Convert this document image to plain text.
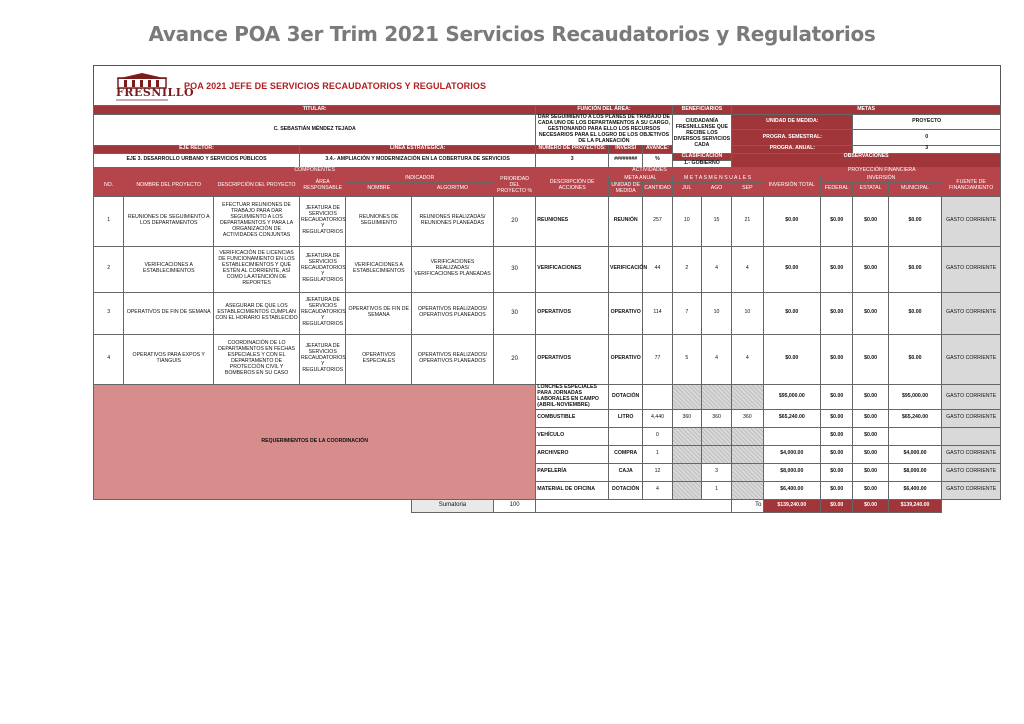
Avance POA 3er Trim 2021 Servicios Recaudatorios y Regulatorios
FRESNILLO
POA 2021 JEFE DE SERVICIOS RECAUDATORIOS Y REGULATORIOS
TITULAR:							FUNCIÓN DEL ÁREA:			BENEFICIARIOS		METAS					
C. SEBASTIÁN MÉNDEZ TEJADA							DAR SEGUIMIENTO A LOS PLANES DE TRABAJO DE CADA UNO DE LOS DEPARTAMENTOS A SU CARGO, GESTIONANDO PARA ELLO LOS RECURSOS NECESARIOS PARA EL LOGRO DE LOS OBJETIVOS DE LA PLANEACIÓN			CIUDADANÍA FRESNILLENSE QUE RECIBE LOS DIVERSOS SERVICIOS CADA		UNIDAD DE MEDIDA:			PROYECTO		
												PROGRA. SEMESTRAL:			0		
EJE RECTOR:			LÍNEA ESTRATÉGICA:				NUMERO DE PROYECTOS:	INVERSI	AVANCE:			PROGRA. ANUAL:			3		
EJE 3. DESARROLLO URBANO Y SERVICIOS PÚBLICOS			3.4.- AMPLIACIÓN Y MODERNIZACIÓN EN LA COBERTURA DE SERVICIOS				3	########	%	CLASIFICACIÓN
1.- GOBIERNO		OBSERVACIONES					

COMPONENTES							ACTIVIDADES						PROYECCIÓN FINANCIERA				
NO.	NOMBRE DEL PROYECTO	DESCRIPCIÓN DEL PROYECTO	ÁREA RESPONSABLE	INDICADOR		PRIORIDAD DEL PROYECTO %	DESCRIPCIÓN DE ACCIONES	META ANUAL		M E T A S M E N S U A L E S			INVERSIÓN TOTAL	INVERSIÓN			FUENTE DE FINANCIAMIENTO
				NOMBRE	ALGORITMO			UNIDAD DE MEDIDA	CANTIDAD	JUL	AGO	SEP		FEDERAL	ESTATAL	MUNICIPAL	

1	REUNIONES DE SEGUIMIENTO A LOS DEPARTAMENTOS	EFECTUAR REUNIONES DE TRABAJO PARA DAR SEGUIMIENTO A LOS DEPARTAMENTOS Y PARA LA ORGANIZACIÓN DE ACTIVIDADES CONJUNTAS	JEFATURA DE SERVICIOS RECAUDATORIOS Y REGULATORIOS	REUNIONES DE SEGUIMIENTO	REUNIONES REALIZADAS/ REUNIONES PLANEADAS	20	REUNIONES	REUNIÓN	257	10	15	21	$0.00	$0.00	$0.00	$0.00	GASTO CORRIENTE
2	VERIFICACIONES A ESTABLECIMIENTOS	VERIFICACIÓN DE LICENCIAS DE FUNCIONAMIENTO EN LOS ESTABLECIMIENTOS Y QUE ESTÉN AL CORRIENTE, ASÍ COMO LA ATENCIÓN DE REPORTES	JEFATURA DE SERVICIOS RECAUDATORIOS Y REGULATORIOS	VERIFICACIONES A ESTABLECIMIENTOS	VERIFICACIONES REALIZADAS/ VERIFICACIONES PLANEADAS	30	VERIFICACIONES	VERIFICACIÓN	44	2	4	4	$0.00	$0.00	$0.00	$0.00	GASTO CORRIENTE
3	OPERATIVOS DE FIN DE SEMANA	ASEGURAR DE QUE LOS ESTABLECIMIENTOS CUMPLAN CON EL HORARIO ESTABLECIDO	JEFATURA DE SERVICIOS RECAUDATORIOS Y REGULATORIOS	OPERATIVOS DE FIN DE SEMANA	OPERATIVOS REALIZADOS/ OPERATIVOS PLANEADOS	30	OPERATIVOS	OPERATIVO	114	7	10	10	$0.00	$0.00	$0.00	$0.00	GASTO CORRIENTE
4	OPERATIVOS PARA EXPOS Y TIANGUIS	COORDINACIÓN DE LO DEPARTAMENTOS EN FECHAS ESPECIALES Y CON EL DEPARTAMENTO DE PROTECCIÓN CIVIL Y BOMBEROS EN SU CASO	JEFATURA DE SERVICIOS RECAUDATORIOS Y REGULATORIOS	OPERATIVOS ESPECIALES	OPERATIVOS REALIZADOS/ OPERATIVOS PLANEADOS	20	OPERATIVOS	OPERATIVO	77	5	4	4	$0.00	$0.00	$0.00	$0.00	GASTO CORRIENTE
REQUERIMIENTOS DE LA COORDINACIÓN							LONCHES ESPECIALES PARA JORNADAS LABORALES EN CAMPO (ABRIL-NOVIEMBRE)	DOTACIÓN					$95,000.00	$0.00	$0.00	$95,000.00	GASTO CORRIENTE
							COMBUSTIBLE	LITRO	4,440	360	360	360	$65,240.00	$0.00	$0.00	$65,240.00	GASTO CORRIENTE
							VEHÍCULO		0					$0.00	$0.00		
							ARCHIVERO	COMPRA	1				$4,000.00	$0.00	$0.00	$4,000.00	GASTO CORRIENTE
							PAPELERÍA	CAJA	12		3		$8,000.00	$0.00	$0.00	$8,000.00	GASTO CORRIENTE
							MATERIAL DE OFICINA	DOTACIÓN	4		1		$6,400.00	$0.00	$0.00	$6,400.00	GASTO CORRIENTE
					Sumatoria	100						To	$139,240.00	$0.00	$0.00	$139,240.00	
